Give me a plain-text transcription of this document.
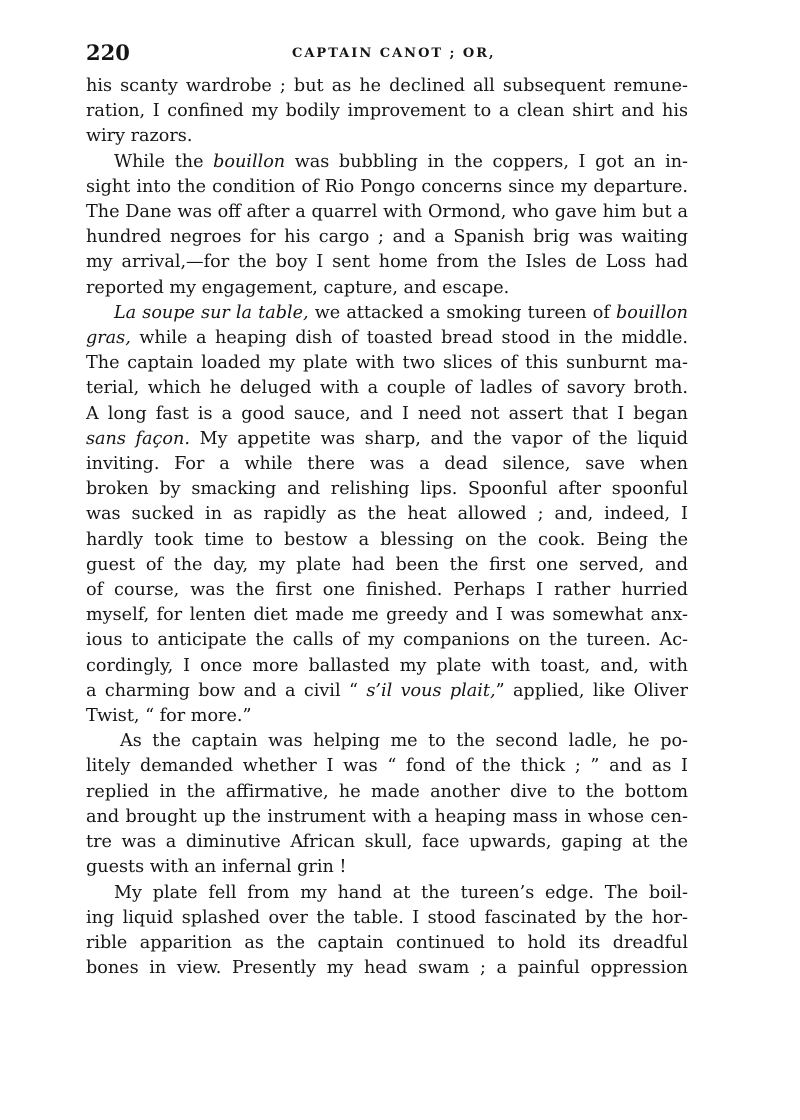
220	CAPTAIN CANOT ; OR,
his scanty wardrobe ; but as he declined all subsequent remune-
ration, I confined my bodily improvement to a clean shirt and his
wiry razors.
While the bouillon was bubbling in the coppers, I got an in-
sight into the condition of Rio Pongo concerns since my departure.
The Dane was off after a quarrel with Ormond, who gave him but a
hundred negroes for his cargo ; and a Spanish brig was waiting
my arrival,—for the boy I sent home from the Isles de Loss had
reported my engagement, capture, and escape.
La soupe sur la table, we attacked a smoking tureen of bouillon
gras, while a heaping dish of toasted bread stood in the middle.
The captain loaded my plate with two slices of this sunburnt ma-
terial, which he deluged with a couple of ladles of savory broth.
A long fast is a good sauce, and I need not assert that I began
sans façon. My appetite was sharp, and the vapor of the liquid
inviting. For a while there was a dead silence, save when
broken by smacking and relishing lips. Spoonful after spoonful
was sucked in as rapidly as the heat allowed ; and, indeed, I
hardly took time to bestow a blessing on the cook. Being the
guest of the day, my plate had been the first one served, and
of course, was the first one finished. Perhaps I rather hurried
myself, for lenten diet made me greedy and I was somewhat anx-
ious to anticipate the calls of my companions on the tureen. Ac-
cordingly, I once more ballasted my plate with toast, and, with
a charming bow and a civil “ s’il vous plait,” applied, like Oliver
Twist, “ for more.”
As the captain was helping me to the second ladle, he po-
litely demanded whether I was “ fond of the thick ; ” and as I
replied in the affirmative, he made another dive to the bottom
and brought up the instrument with a heaping mass in whose cen-
tre was a diminutive African skull, face upwards, gaping at the
guests with an infernal grin !
My plate fell from my hand at the tureen’s edge. The boil-
ing liquid splashed over the table. I stood fascinated by the hor-
rible apparition as the captain continued to hold its dreadful
bones in view. Presently my head swam ; a painful oppression
